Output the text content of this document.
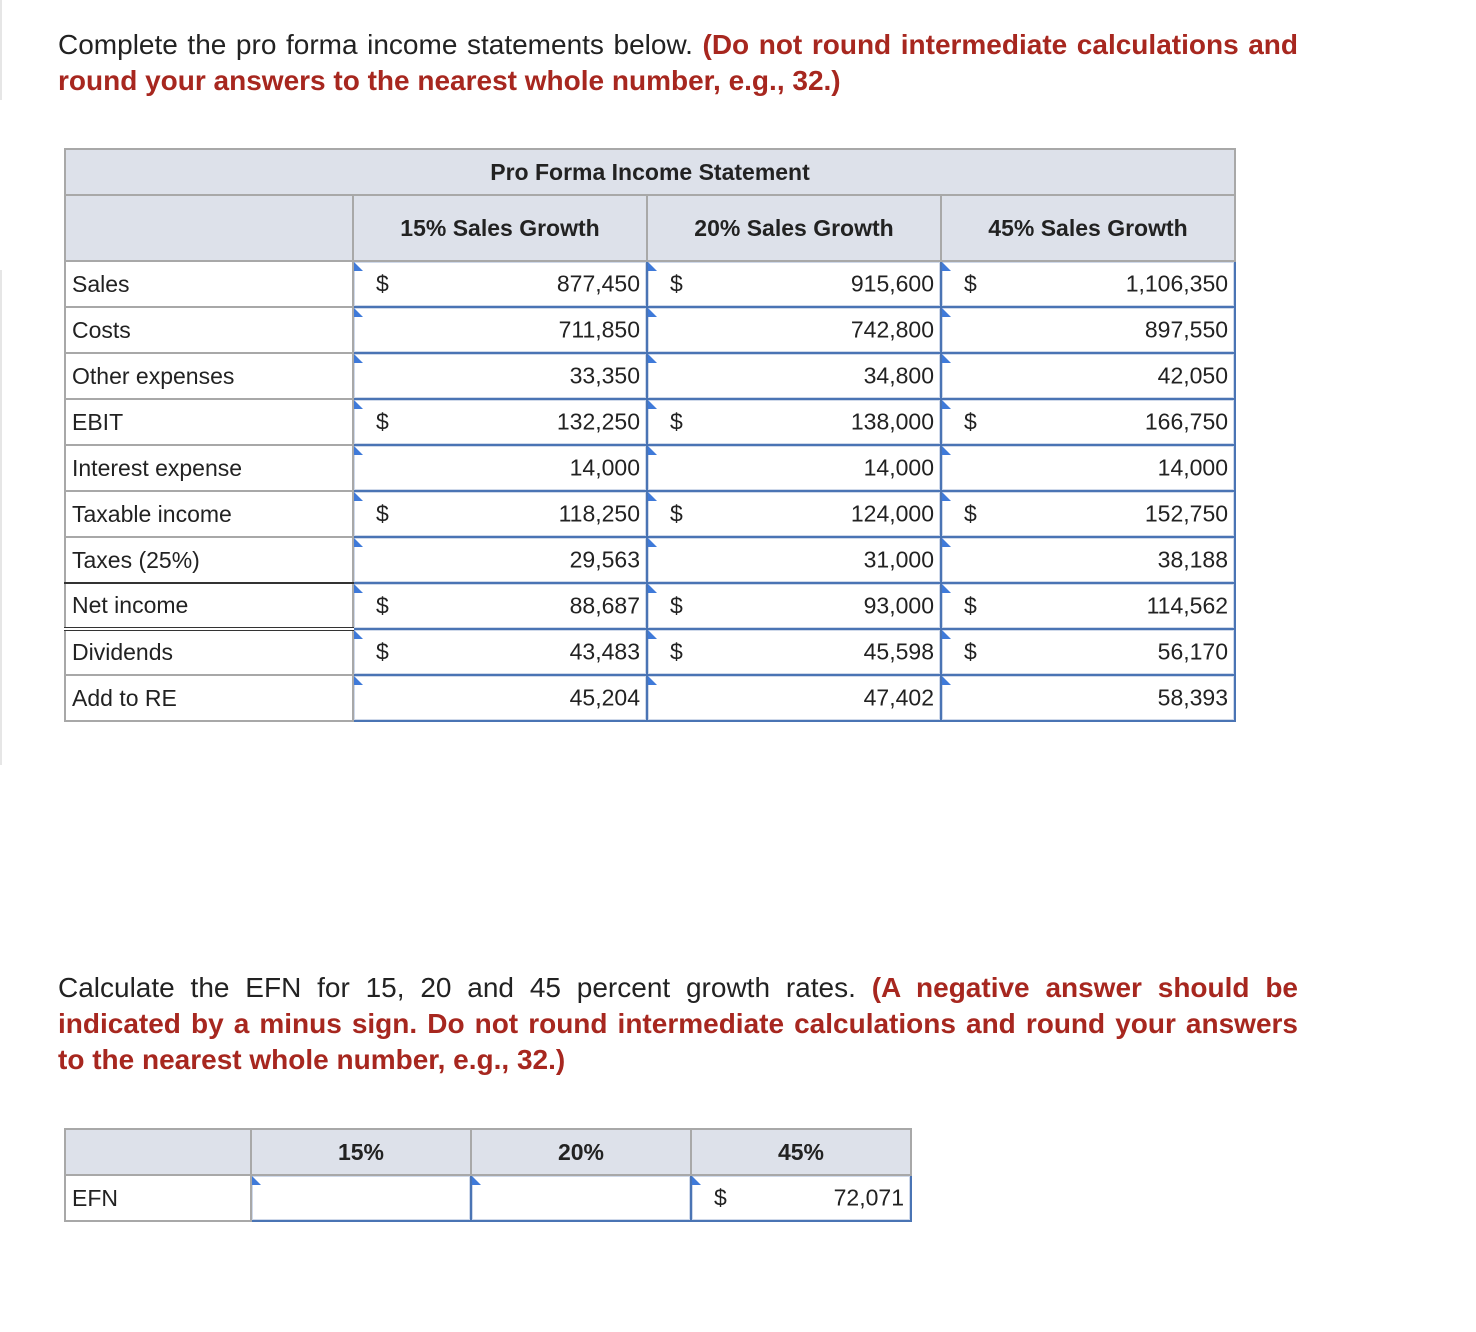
Complete the pro forma income statements below. (Do not round intermediate calculations and round your answers to the nearest whole number, e.g., 32.)
Pro Forma Income Statement			
	15% Sales Growth	20% Sales Growth	45% Sales Growth
Sales	$ 877,450	$ 915,600	$ 1,106,350

Costs	711,850	742,800	897,550

Other expenses	33,350	34,800	42,050

EBIT	$ 132,250	$ 138,000	$ 166,750

Interest expense	14,000	14,000	14,000

Taxable income	$ 118,250	$ 124,000	$ 152,750

Taxes (25%)	29,563	31,000	38,188

Net income	$ 88,687	$ 93,000	$ 114,562

Dividends	$ 43,483	$ 45,598	$ 56,170

Add to RE	45,204	47,402	58,393
Calculate the EFN for 15, 20 and 45 percent growth rates. (A negative answer should be indicated by a minus sign. Do not round intermediate calculations and round your answers to the nearest whole number, e.g., 32.)
	15%	20%	45%
EFN			$ 72,071
